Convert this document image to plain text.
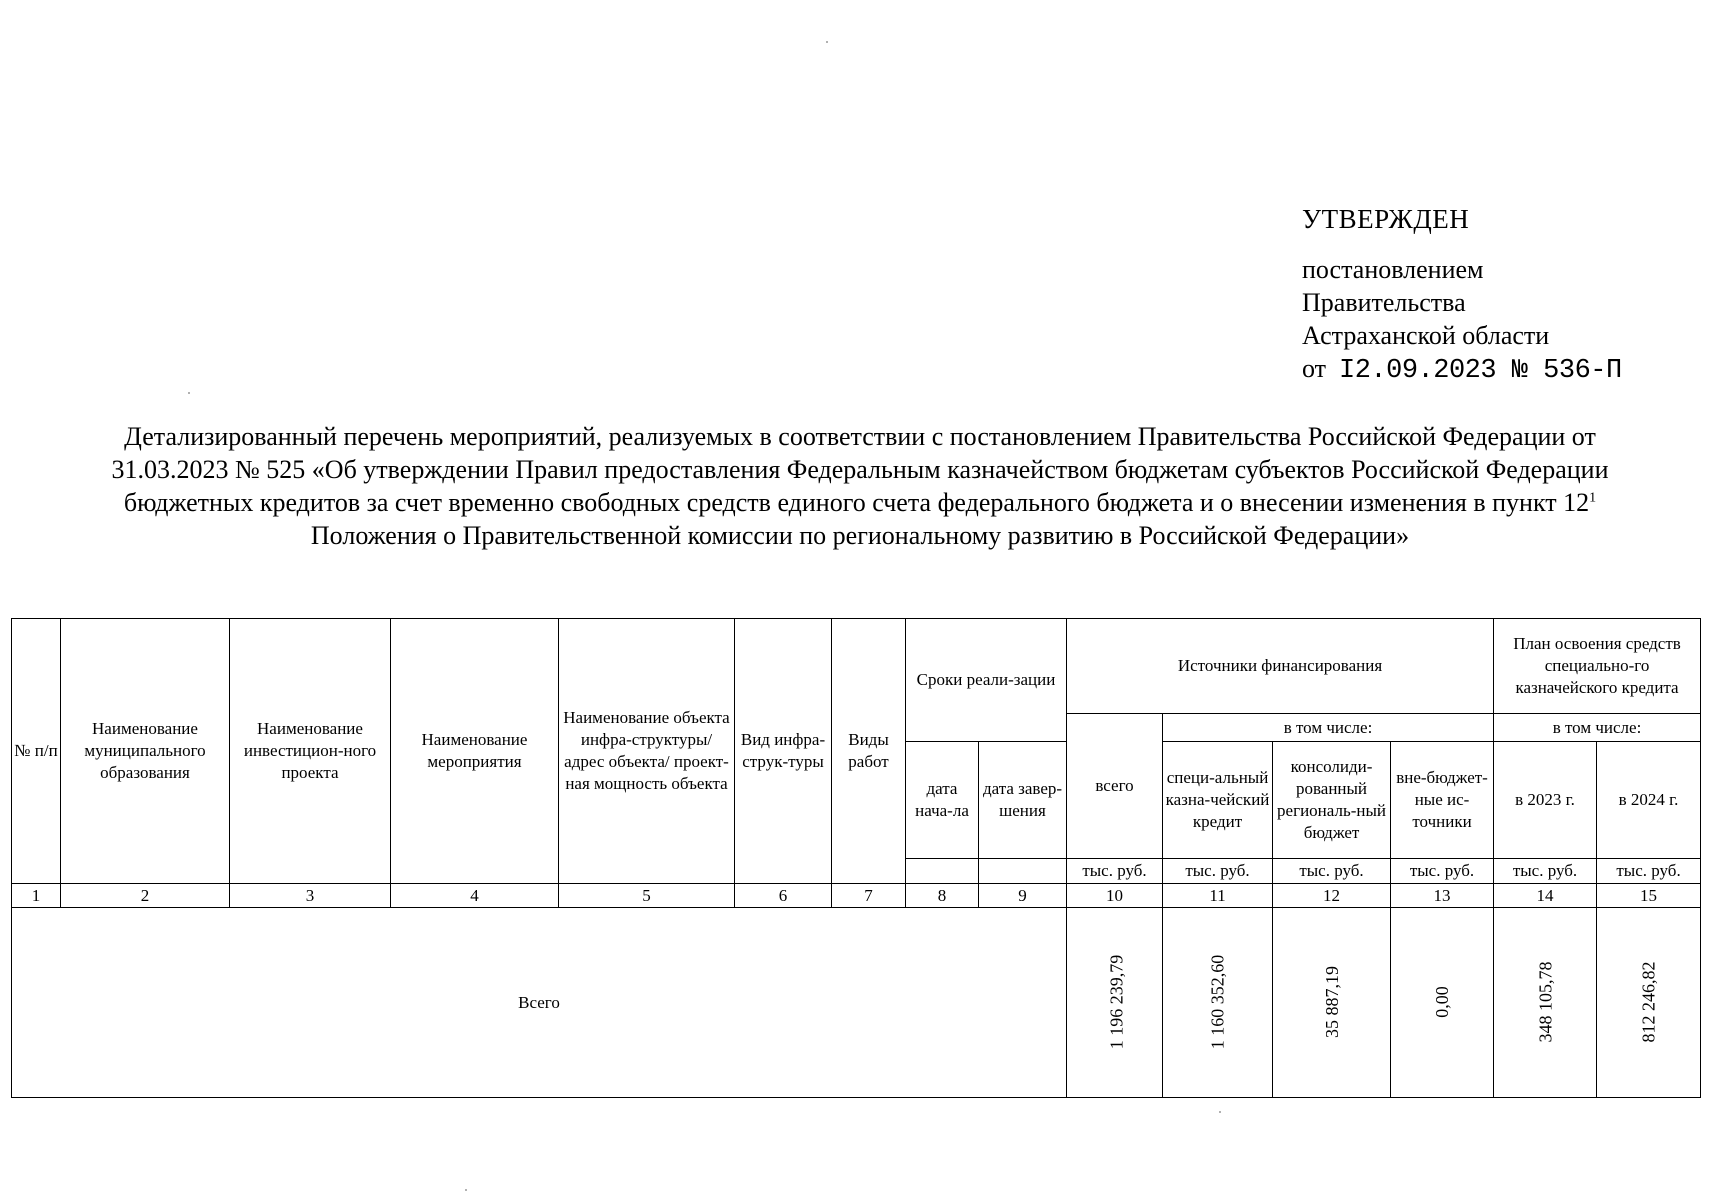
УТВЕРЖДЕН
постановлением
Правительства
Астраханской области
от I2.09.2023 № 536-П
Детализированный перечень мероприятий, реализуемых в соответствии с постановлением Правительства Российской Федерации от 31.03.2023 № 525 «Об утверждении Правил предоставления Федеральным казначейством бюджетам субъектов Российской Федерации бюджетных кредитов за счет временно свободных средств единого счета федерального бюджета и о внесении изменения в пункт $12^1$ Положения о Правительственной комиссии по региональному развитию в Российской Федерации»
№ п/п	Наименование муниципального образования	Наименование инвестицион-ного проекта	Наименование мероприятия	Наименование объекта инфра-структуры/ адрес объекта/ проект-ная мощность объекта	Вид инфра-струк-туры	Виды работ	Сроки реали-зации		Источники финансирования				План освоения средств специально-го казначейского кредита	
									всего	в том числе:			в том числе:	
							дата нача-ла	дата завер-шения		специ-альный казна-чейский кредит	консолиди-рованный региональ-ный бюджет	вне-бюджет-ные ис-точники	в 2023 г.	в 2024 г.
									тыс. руб.	тыс. руб.	тыс. руб.	тыс. руб.	тыс. руб.	тыс. руб.
1	2	3	4	5	6	7	8	9	10	11	12	13	14	15
Всего									1 196 239,79	1 160 352,60	35 887,19	0,00	348 105,78	812 246,82
